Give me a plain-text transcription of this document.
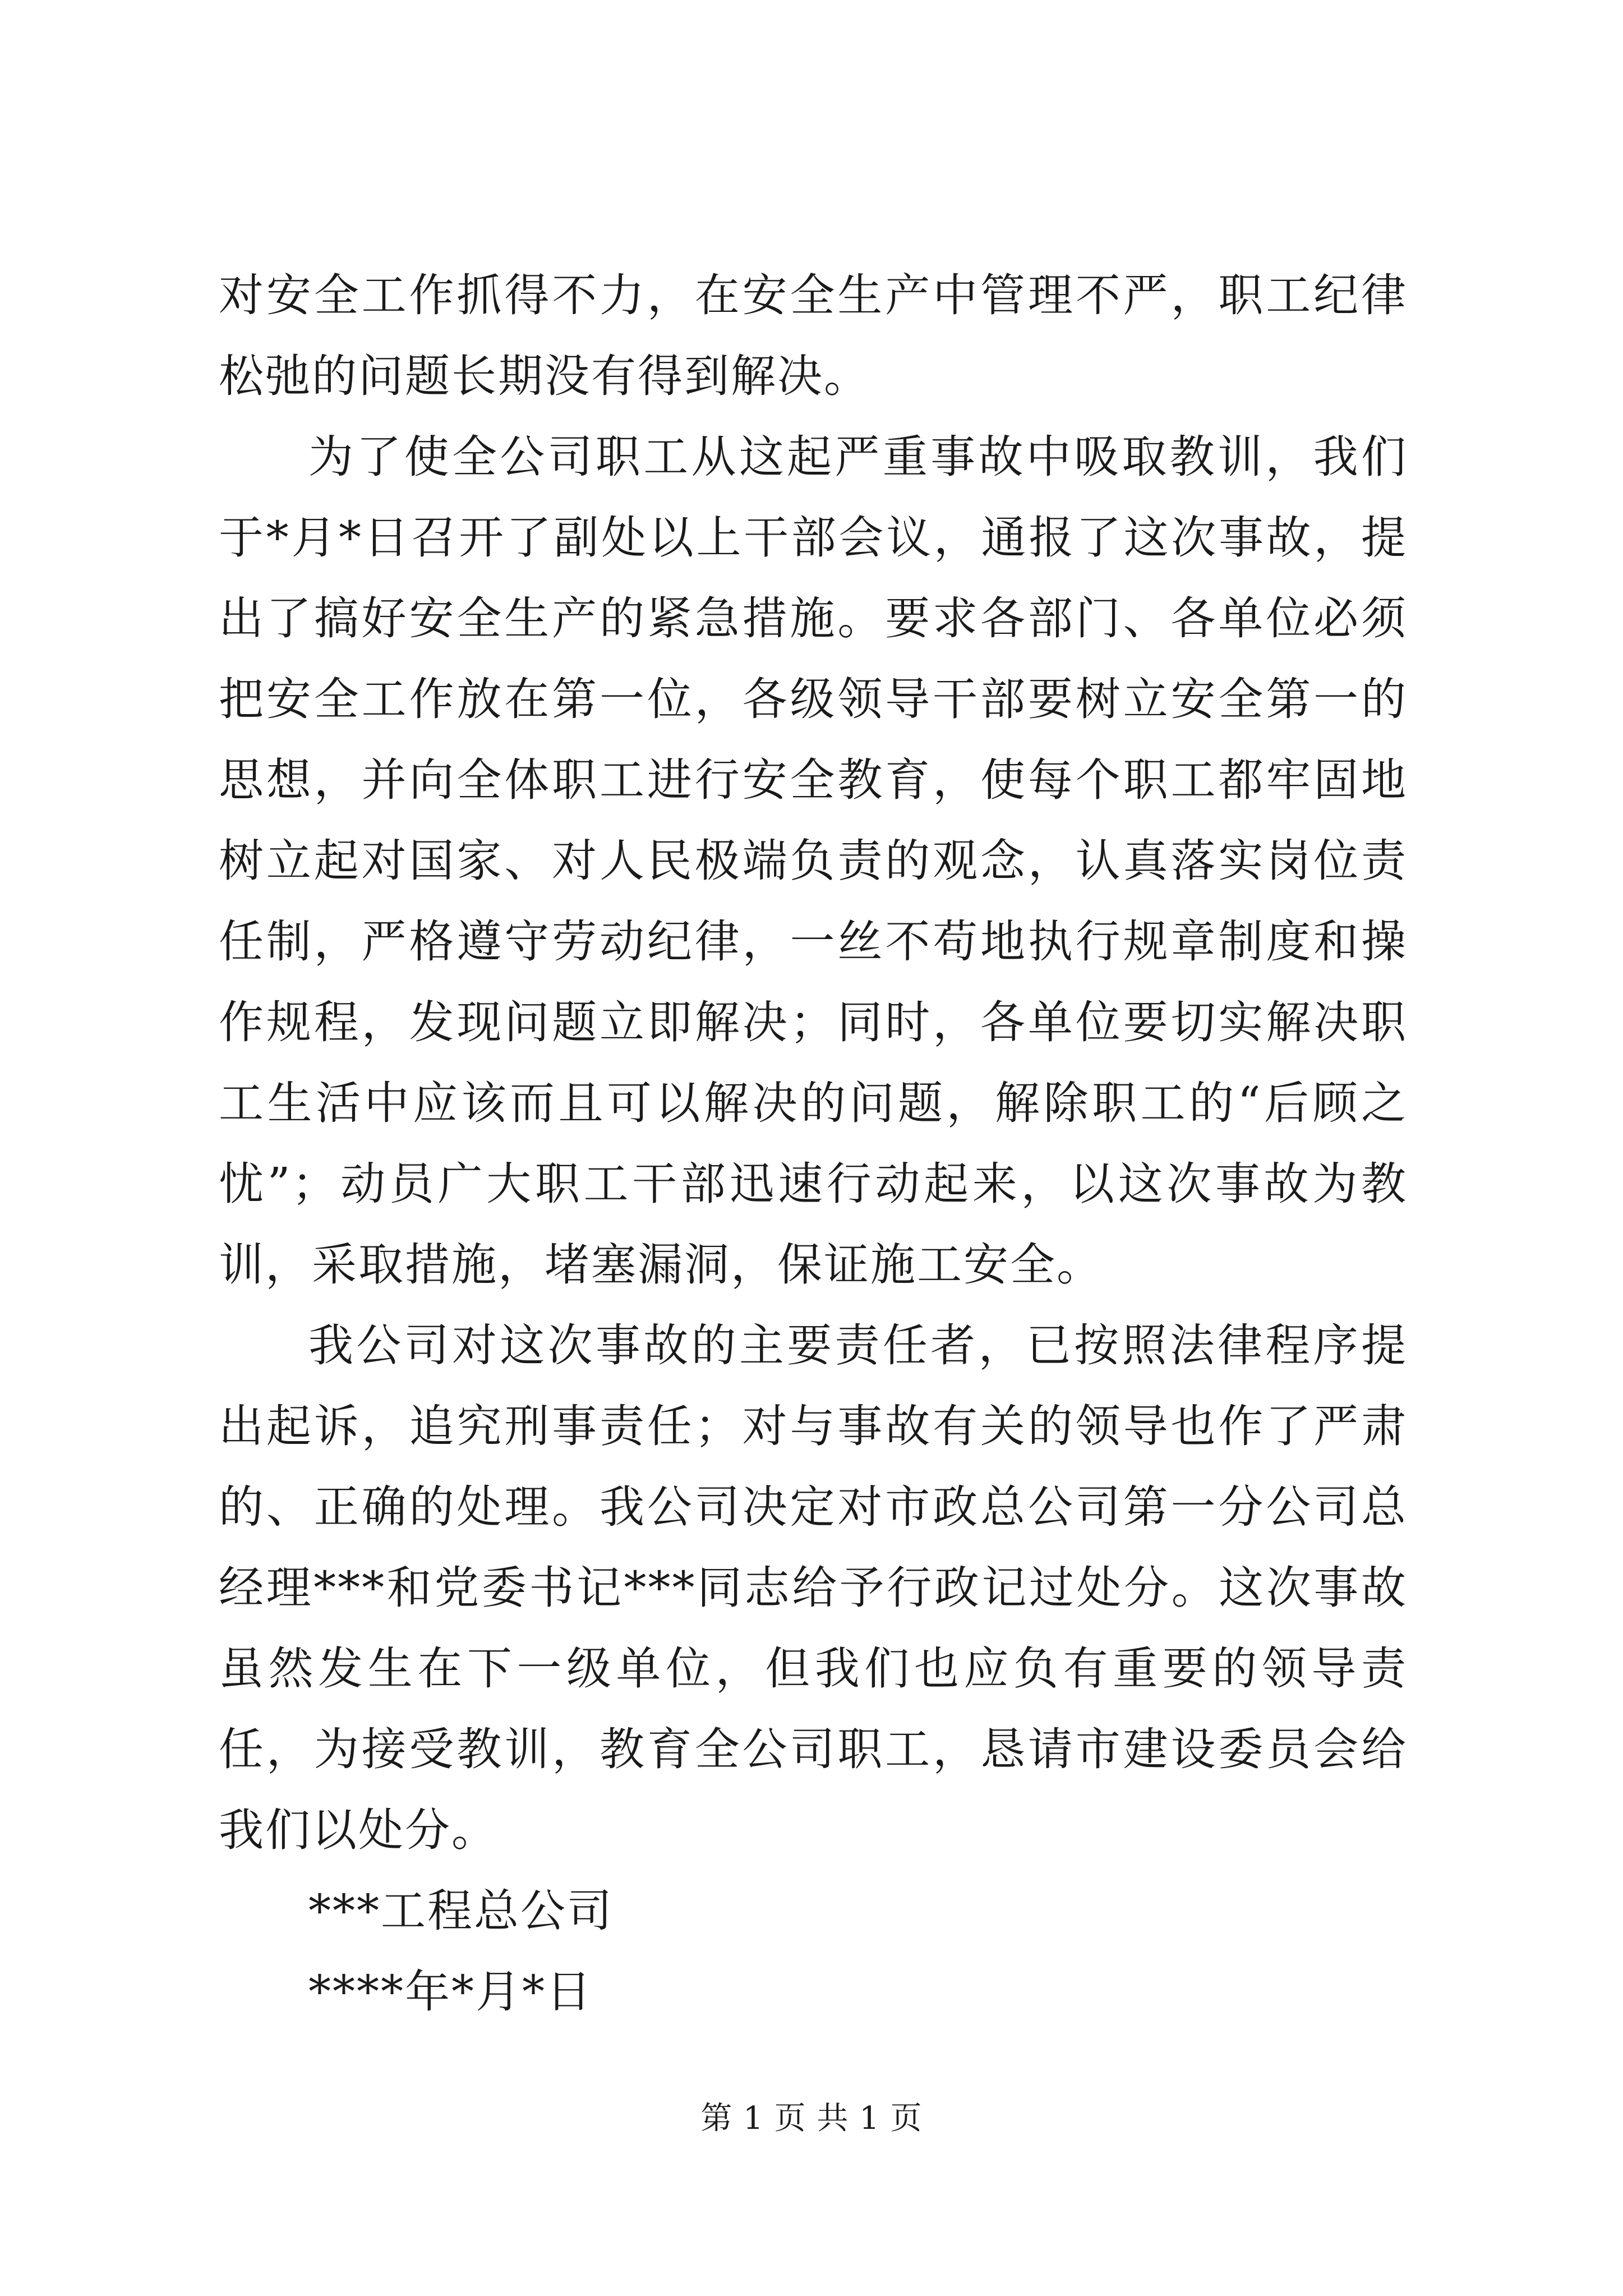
对安全工作抓得不力，在安全生产中管理不严，职工纪律松弛的问题长期没有得到解决。

为了使全公司职工从这起严重事故中吸取教训，我们于*月*日召开了副处以上干部会议，通报了这次事故，提出了搞好安全生产的紧急措施。要求各部门、各单位必须把安全工作放在第一位，各级领导干部要树立安全第一的思想，并向全体职工进行安全教育，使每个职工都牢固地树立起对国家、对人民极端负责的观念，认真落实岗位责任制，严格遵守劳动纪律，一丝不苟地执行规章制度和操作规程，发现问题立即解决；同时，各单位要切实解决职工生活中应该而且可以解决的问题，解除职工的“后顾之忧”；动员广大职工干部迅速行动起来，以这次事故为教训，采取措施，堵塞漏洞，保证施工安全。

我公司对这次事故的主要责任者，已按照法律程序提出起诉，追究刑事责任；对与事故有关的领导也作了严肃的、正确的处理。我公司决定对市政总公司第一分公司总经理***和党委书记***同志给予行政记过处分。这次事故虽然发生在下一级单位，但我们也应负有重要的领导责任，为接受教训，教育全公司职工，恳请市建设委员会给我们以处分。

***工程总公司

****年*月*日

第 1 页 共 1 页
